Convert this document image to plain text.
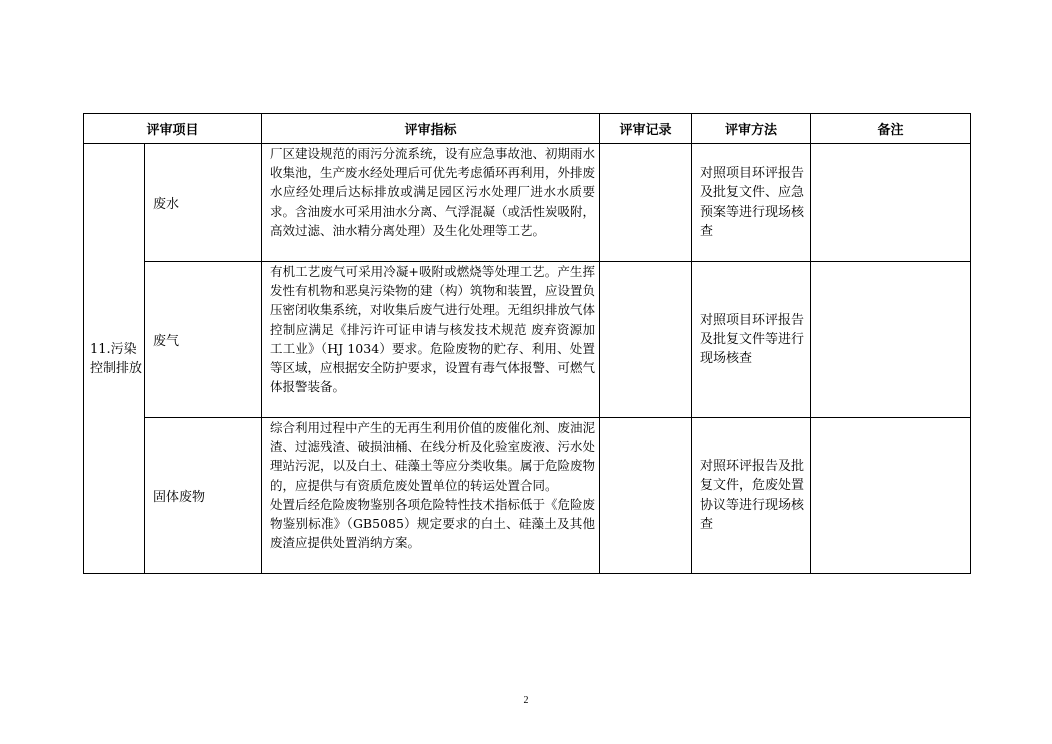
评审项目		评审指标	评审记录	评审方法	备注
11.污染控制排放	废水	厂区建设规范的雨污分流系统，设有应急事故池、初期雨水收集池，生产废水经处理后可优先考虑循环再利用，外排废水应经处理后达标排放或满足园区污水处理厂进水水质要求。含油废水可采用油水分离、气浮混凝（或活性炭吸附，高效过滤、油水精分离处理）及生化处理等工艺。		对照项目环评报告及批复文件、应急预案等进行现场核查	
	废气	有机工艺废气可采用冷凝+吸附或燃烧等处理工艺。产生挥发性有机物和恶臭污染物的建（构）筑物和装置，应设置负压密闭收集系统，对收集后废气进行处理。无组织排放气体控制应满足《排污许可证申请与核发技术规范 废弃资源加工工业》（HJ 1034）要求。危险废物的贮存、利用、处置等区域，应根据安全防护要求，设置有毒气体报警、可燃气体报警装备。		对照项目环评报告及批复文件等进行现场核查	
	固体废物	综合利用过程中产生的无再生利用价值的废催化剂、废油泥渣、过滤残渣、破损油桶、在线分析及化验室废液、污水处理站污泥，以及白土、硅藻土等应分类收集。属于危险废物的，应提供与有资质危废处置单位的转运处置合同。

处置后经危险废物鉴别各项危险特性技术指标低于《危险废物鉴别标准》（GB5085）规定要求的白土、硅藻土及其他废渣应提供处置消纳方案。		对照环评报告及批复文件，危废处置协议等进行现场核查	
2
